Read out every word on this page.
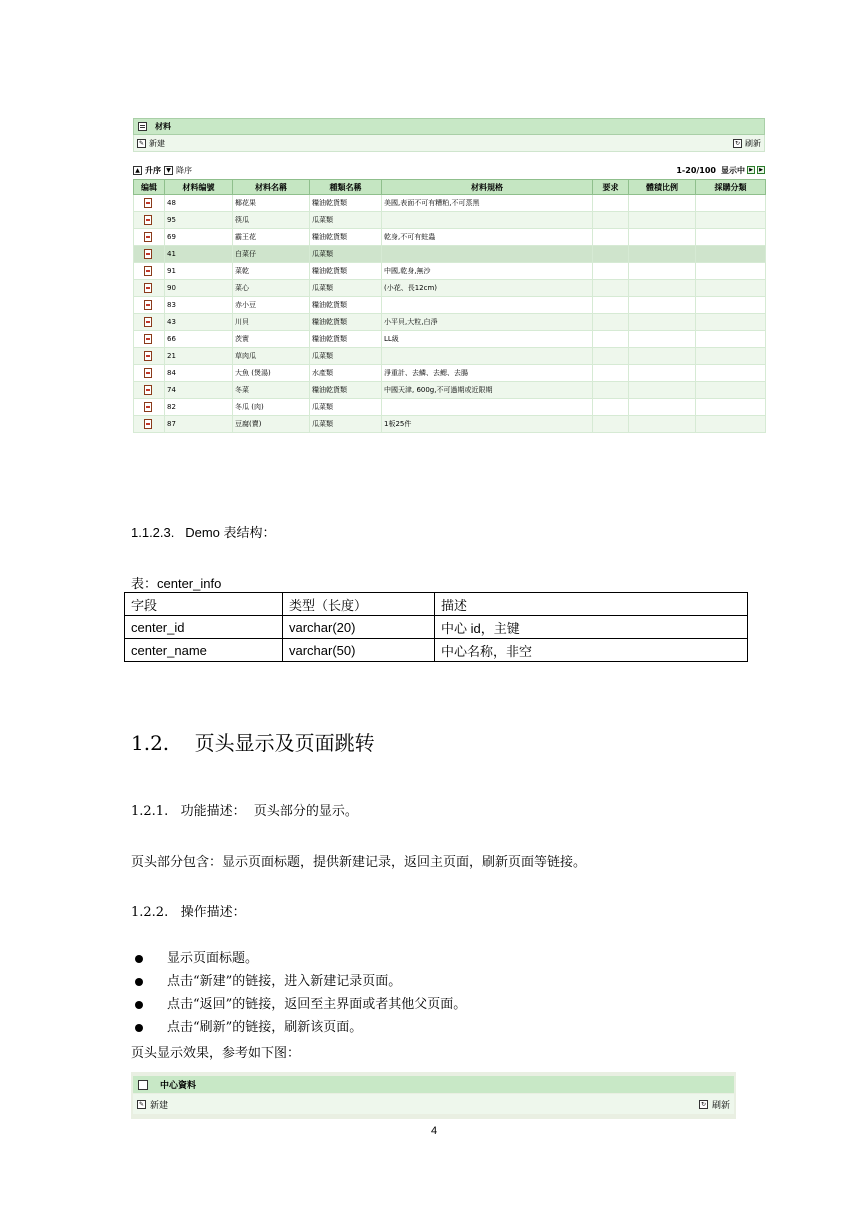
材料
✎ 新建	↻ 刷新
▲ 升序 ▼ 降序	1-20/100 显示中 ▶	▶
编辑	材料编號	材料名稱	種類名稱	材料規格	要求	體積比例	採購分類
	48	椰花果	糧油乾貨類	美國,表面不可有糟粕,不可蒸黑			
	95	筷瓜	瓜菜類				
	69	霸王花	糧油乾貨類	乾身,不可有蛀蟲			
	41	白菜仔	瓜菜類				
	91	菜乾	糧油乾貨類	中國,乾身,無沙			
	90	菜心	瓜菜類	(小花、長12cm)			
	83	赤小豆	糧油乾貨類				
	43	川貝	糧油乾貨類	小平貝,大粒,白淨			
	66	茨實	糧油乾貨類	LL級			
	21	草肉瓜	瓜菜類				
	84	大魚 (煲湯)	水產類	淨重計、去鱗、去鰓、去腸			
	74	冬菜	糧油乾貨類	中國天津, 600g,不可過期或近限期			
	82	冬瓜 (肉)	瓜菜類				
	87	豆腐(賣)	瓜菜類	1板25件			
1.1.2.3.   Demo 表结构：
表：center_info
字段	类型（长度）	描述
center_id	varchar(20)	中心 id，主键
center_name	varchar(50)	中心名称，非空
1.2.    页头显示及页面跳转
1.2.1.   功能描述：  页头部分的显示。
页头部分包含：显示页面标题，提供新建记录，返回主页面，刷新页面等链接。
1.2.2.   操作描述：
显示页面标题。
点击“新建”的链接，进入新建记录页面。
点击“返回”的链接，返回至主界面或者其他父页面。
点击“刷新”的链接，刷新该页面。
页头显示效果，参考如下图：
中心資料
✎ 新建	↻ 刷新
4
